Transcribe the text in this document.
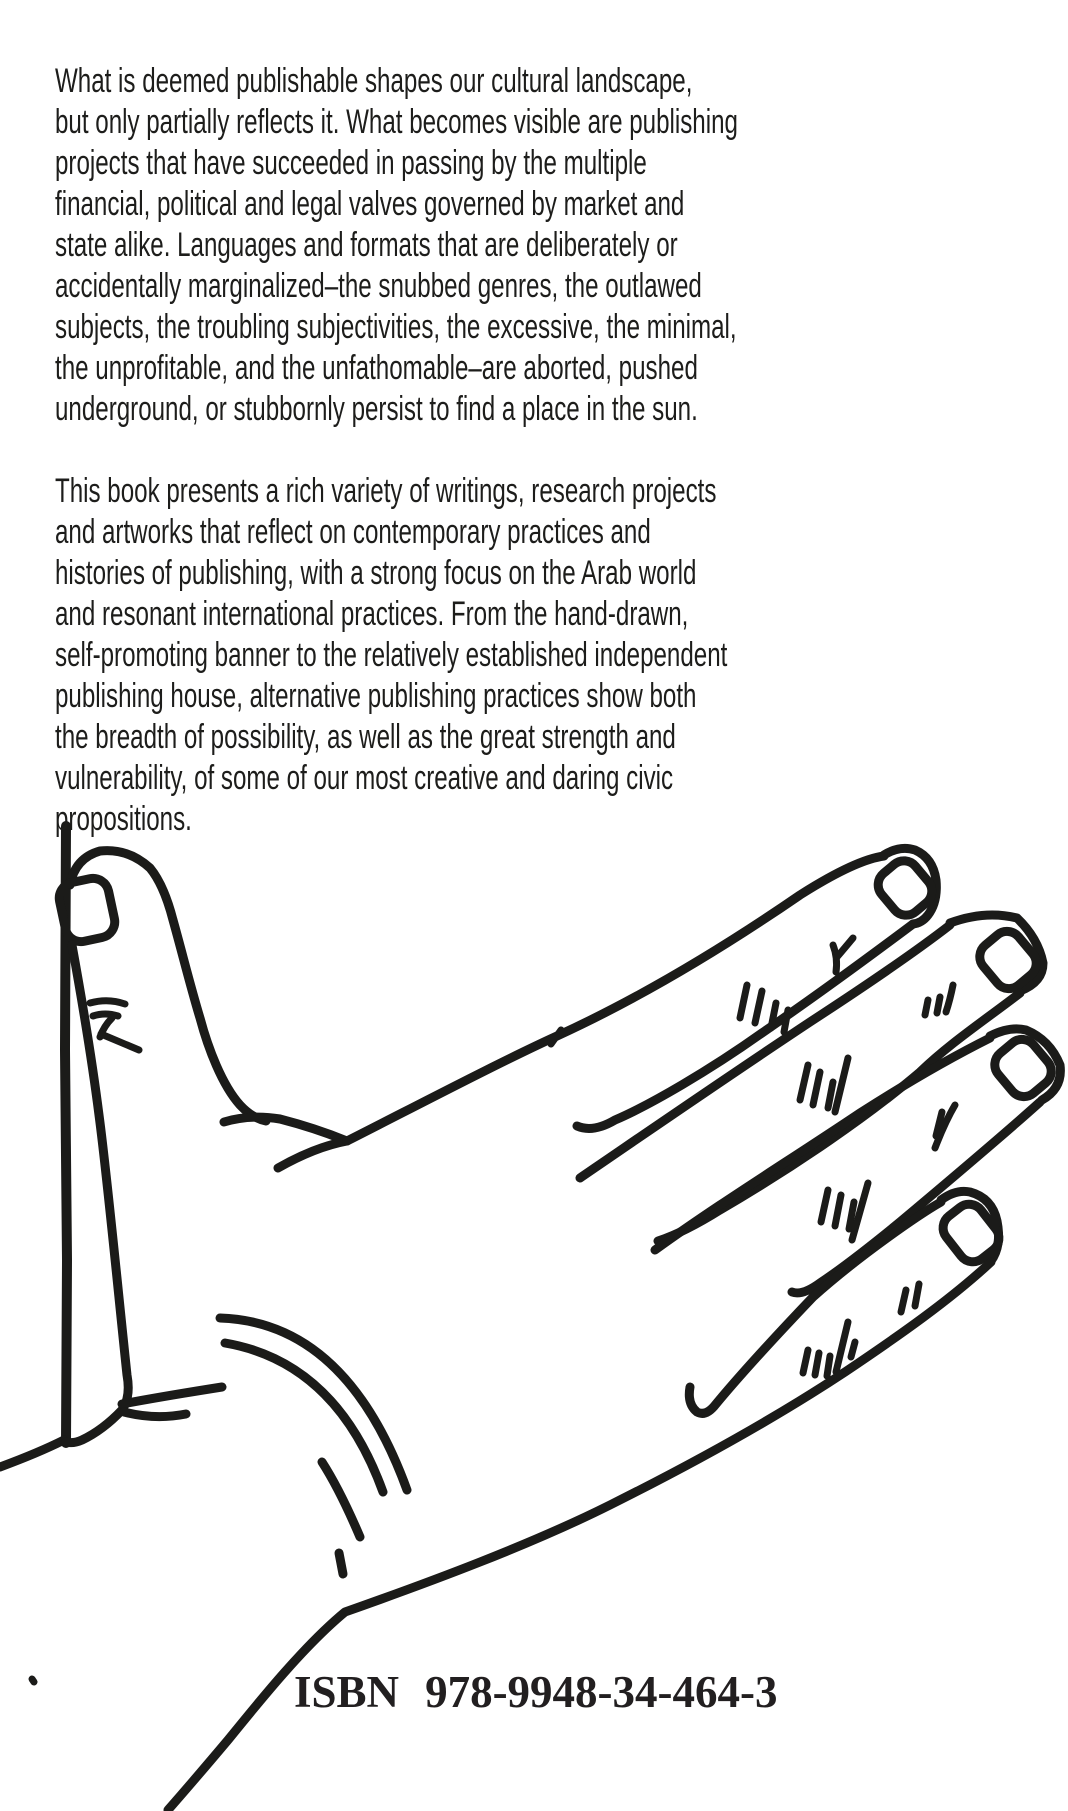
What is deemed publishable shapes our cultural landscape,
but only partially reflects it. What becomes visible are publishing
projects that have succeeded in passing by the multiple
financial, political and legal valves governed by market and
state alike. Languages and formats that are deliberately or
accidentally marginalized–the snubbed genres, the outlawed
subjects, the troubling subjectivities, the excessive, the minimal,
the unprofitable, and the unfathomable–are aborted, pushed
underground, or stubbornly persist to find a place in the sun.
This book presents a rich variety of writings, research projects
and artworks that reflect on contemporary practices and
histories of publishing, with a strong focus on the Arab world
and resonant international practices. From the hand-drawn,
self-promoting banner to the relatively established independent
publishing house, alternative publishing practices show both
the breadth of possibility, as well as the great strength and
vulnerability, of some of our most creative and daring civic
propositions.
ISBN 978-9948-34-464-3
